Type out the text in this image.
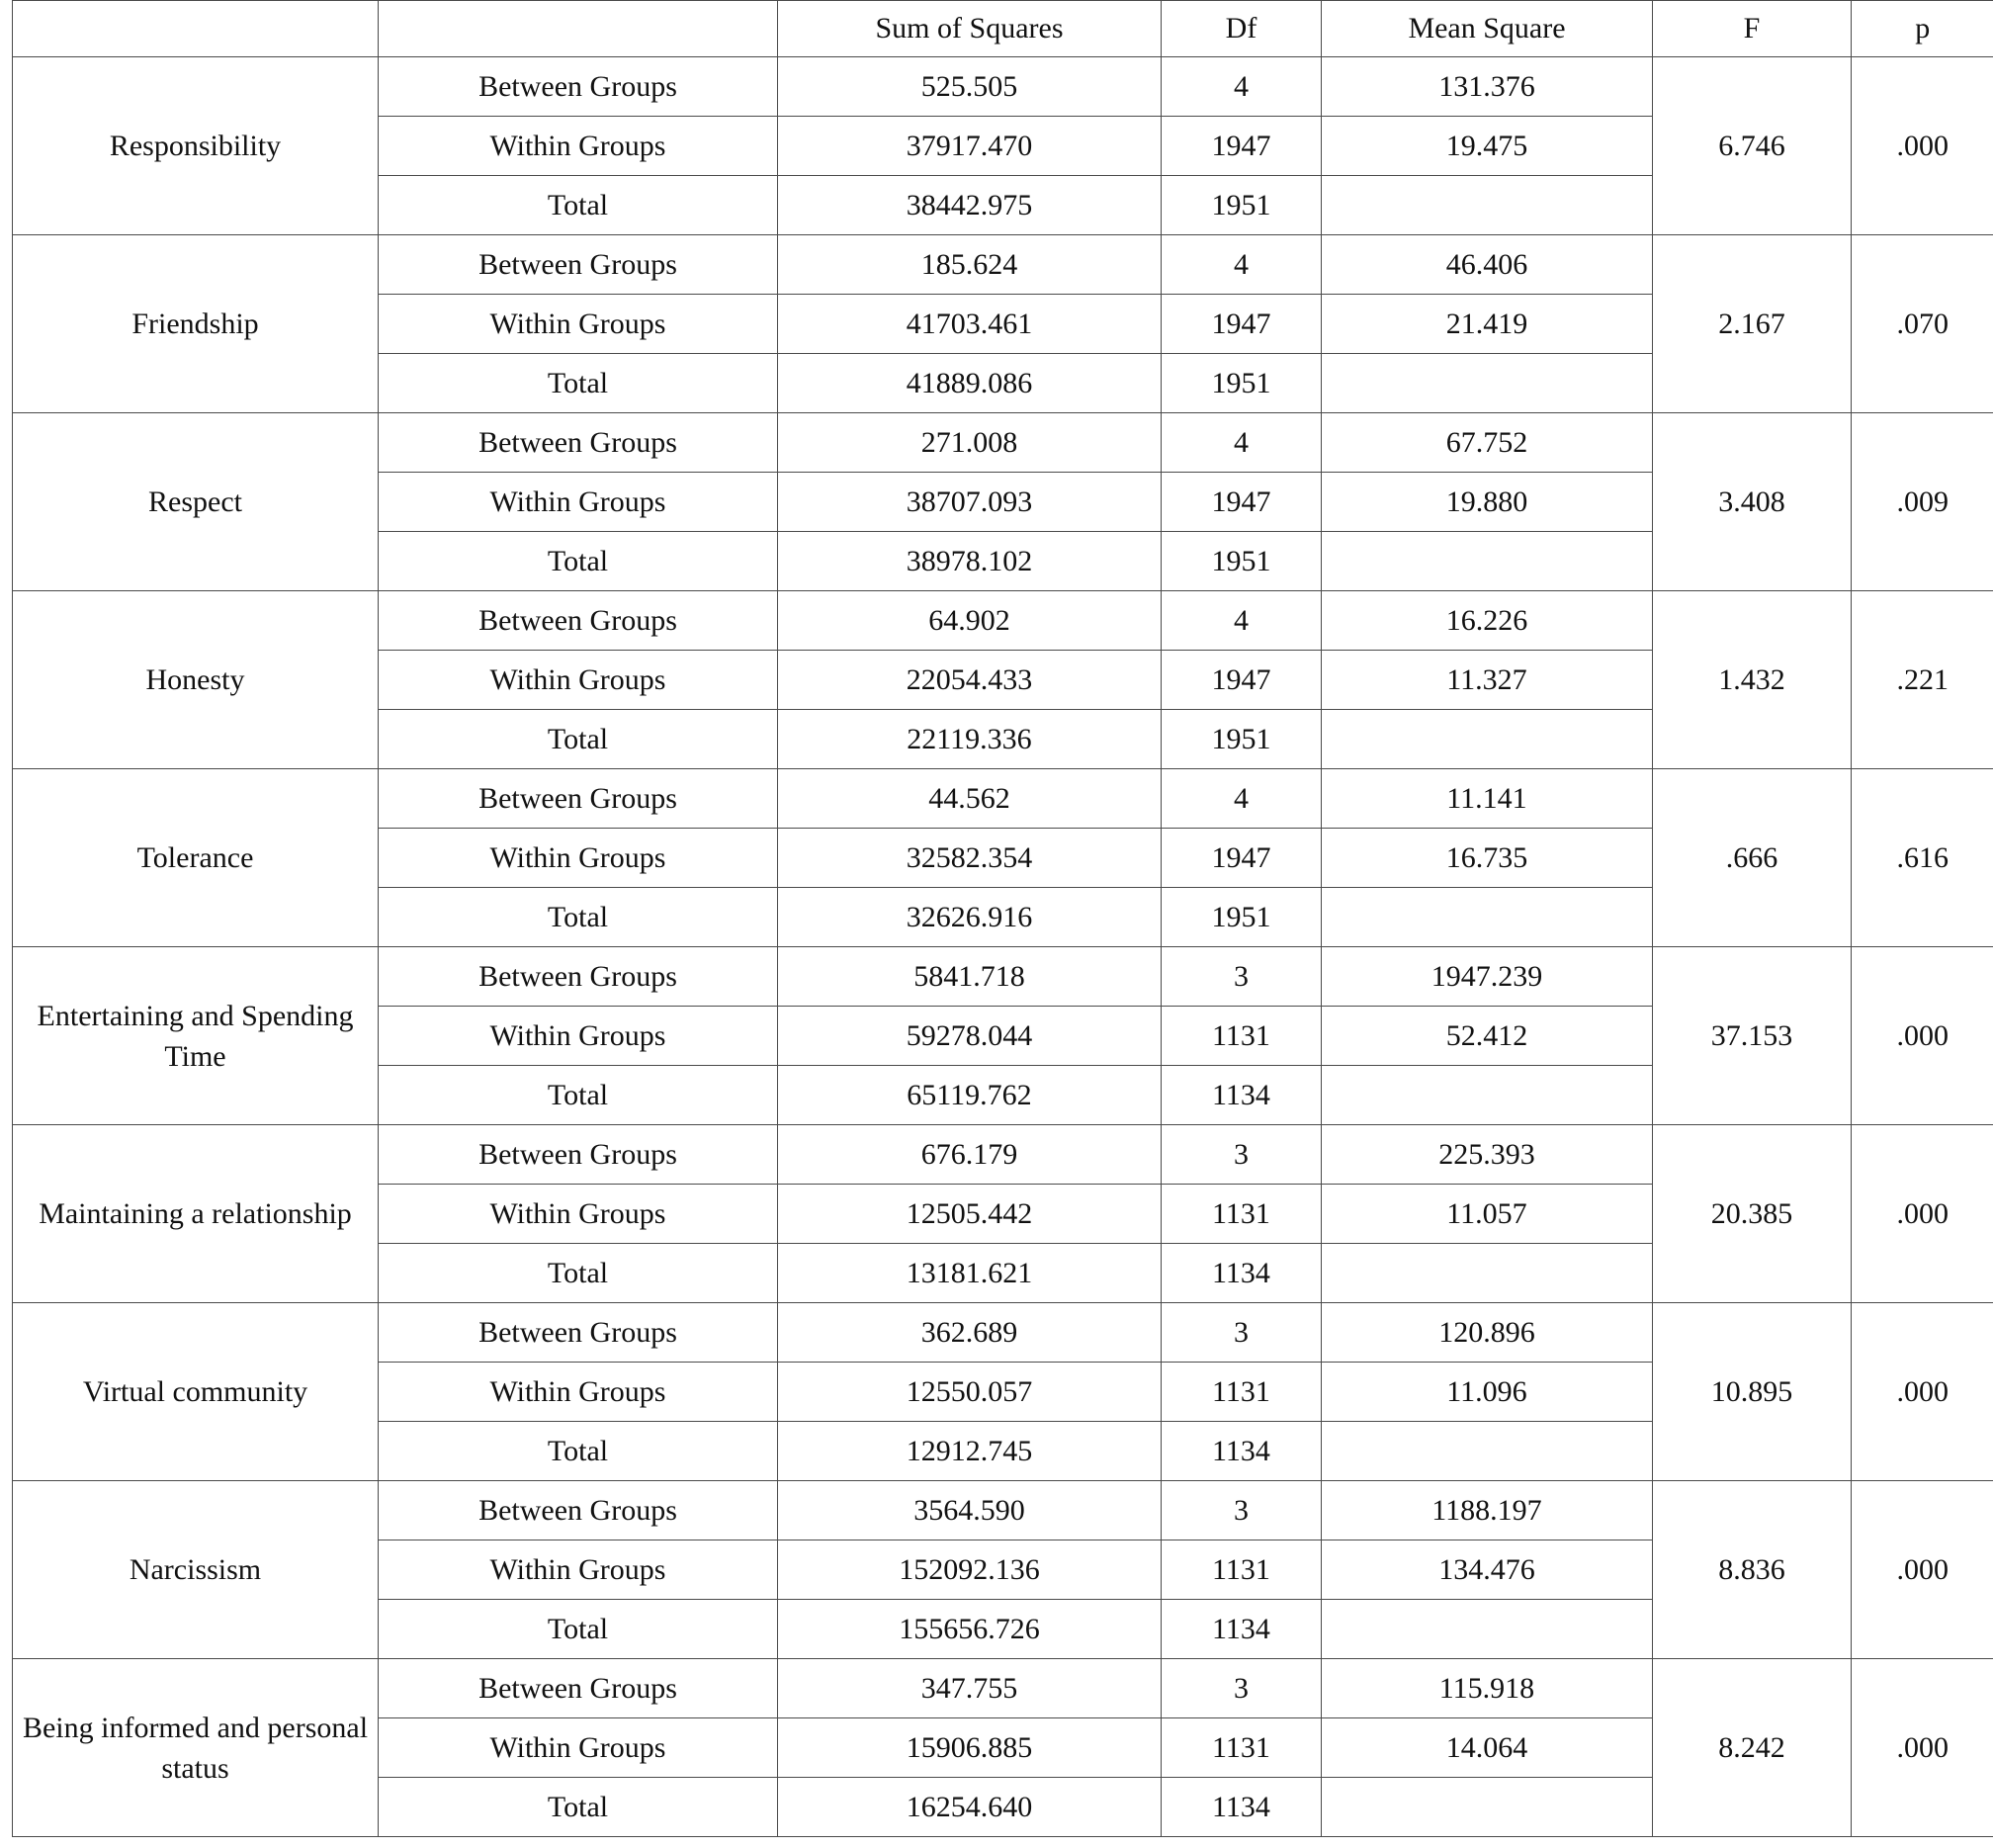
		Sum of Squares	Df	Mean Square	F	p
Responsibility	Between Groups	525.505	4	131.376	6.746	.000
	Within Groups	37917.470	1947	19.475		
	Total	38442.975	1951			
Friendship	Between Groups	185.624	4	46.406	2.167	.070
	Within Groups	41703.461	1947	21.419		
	Total	41889.086	1951			
Respect	Between Groups	271.008	4	67.752	3.408	.009
	Within Groups	38707.093	1947	19.880		
	Total	38978.102	1951			
Honesty	Between Groups	64.902	4	16.226	1.432	.221
	Within Groups	22054.433	1947	11.327		
	Total	22119.336	1951			
Tolerance	Between Groups	44.562	4	11.141	.666	.616
	Within Groups	32582.354	1947	16.735		
	Total	32626.916	1951			
Entertaining and Spending Time	Between Groups	5841.718	3	1947.239	37.153	.000
	Within Groups	59278.044	1131	52.412		
	Total	65119.762	1134			
Maintaining a relationship	Between Groups	676.179	3	225.393	20.385	.000
	Within Groups	12505.442	1131	11.057		
	Total	13181.621	1134			
Virtual community	Between Groups	362.689	3	120.896	10.895	.000
	Within Groups	12550.057	1131	11.096		
	Total	12912.745	1134			
Narcissism	Between Groups	3564.590	3	1188.197	8.836	.000
	Within Groups	152092.136	1131	134.476		
	Total	155656.726	1134			
Being informed and personal status	Between Groups	347.755	3	115.918	8.242	.000
	Within Groups	15906.885	1131	14.064		
	Total	16254.640	1134			
